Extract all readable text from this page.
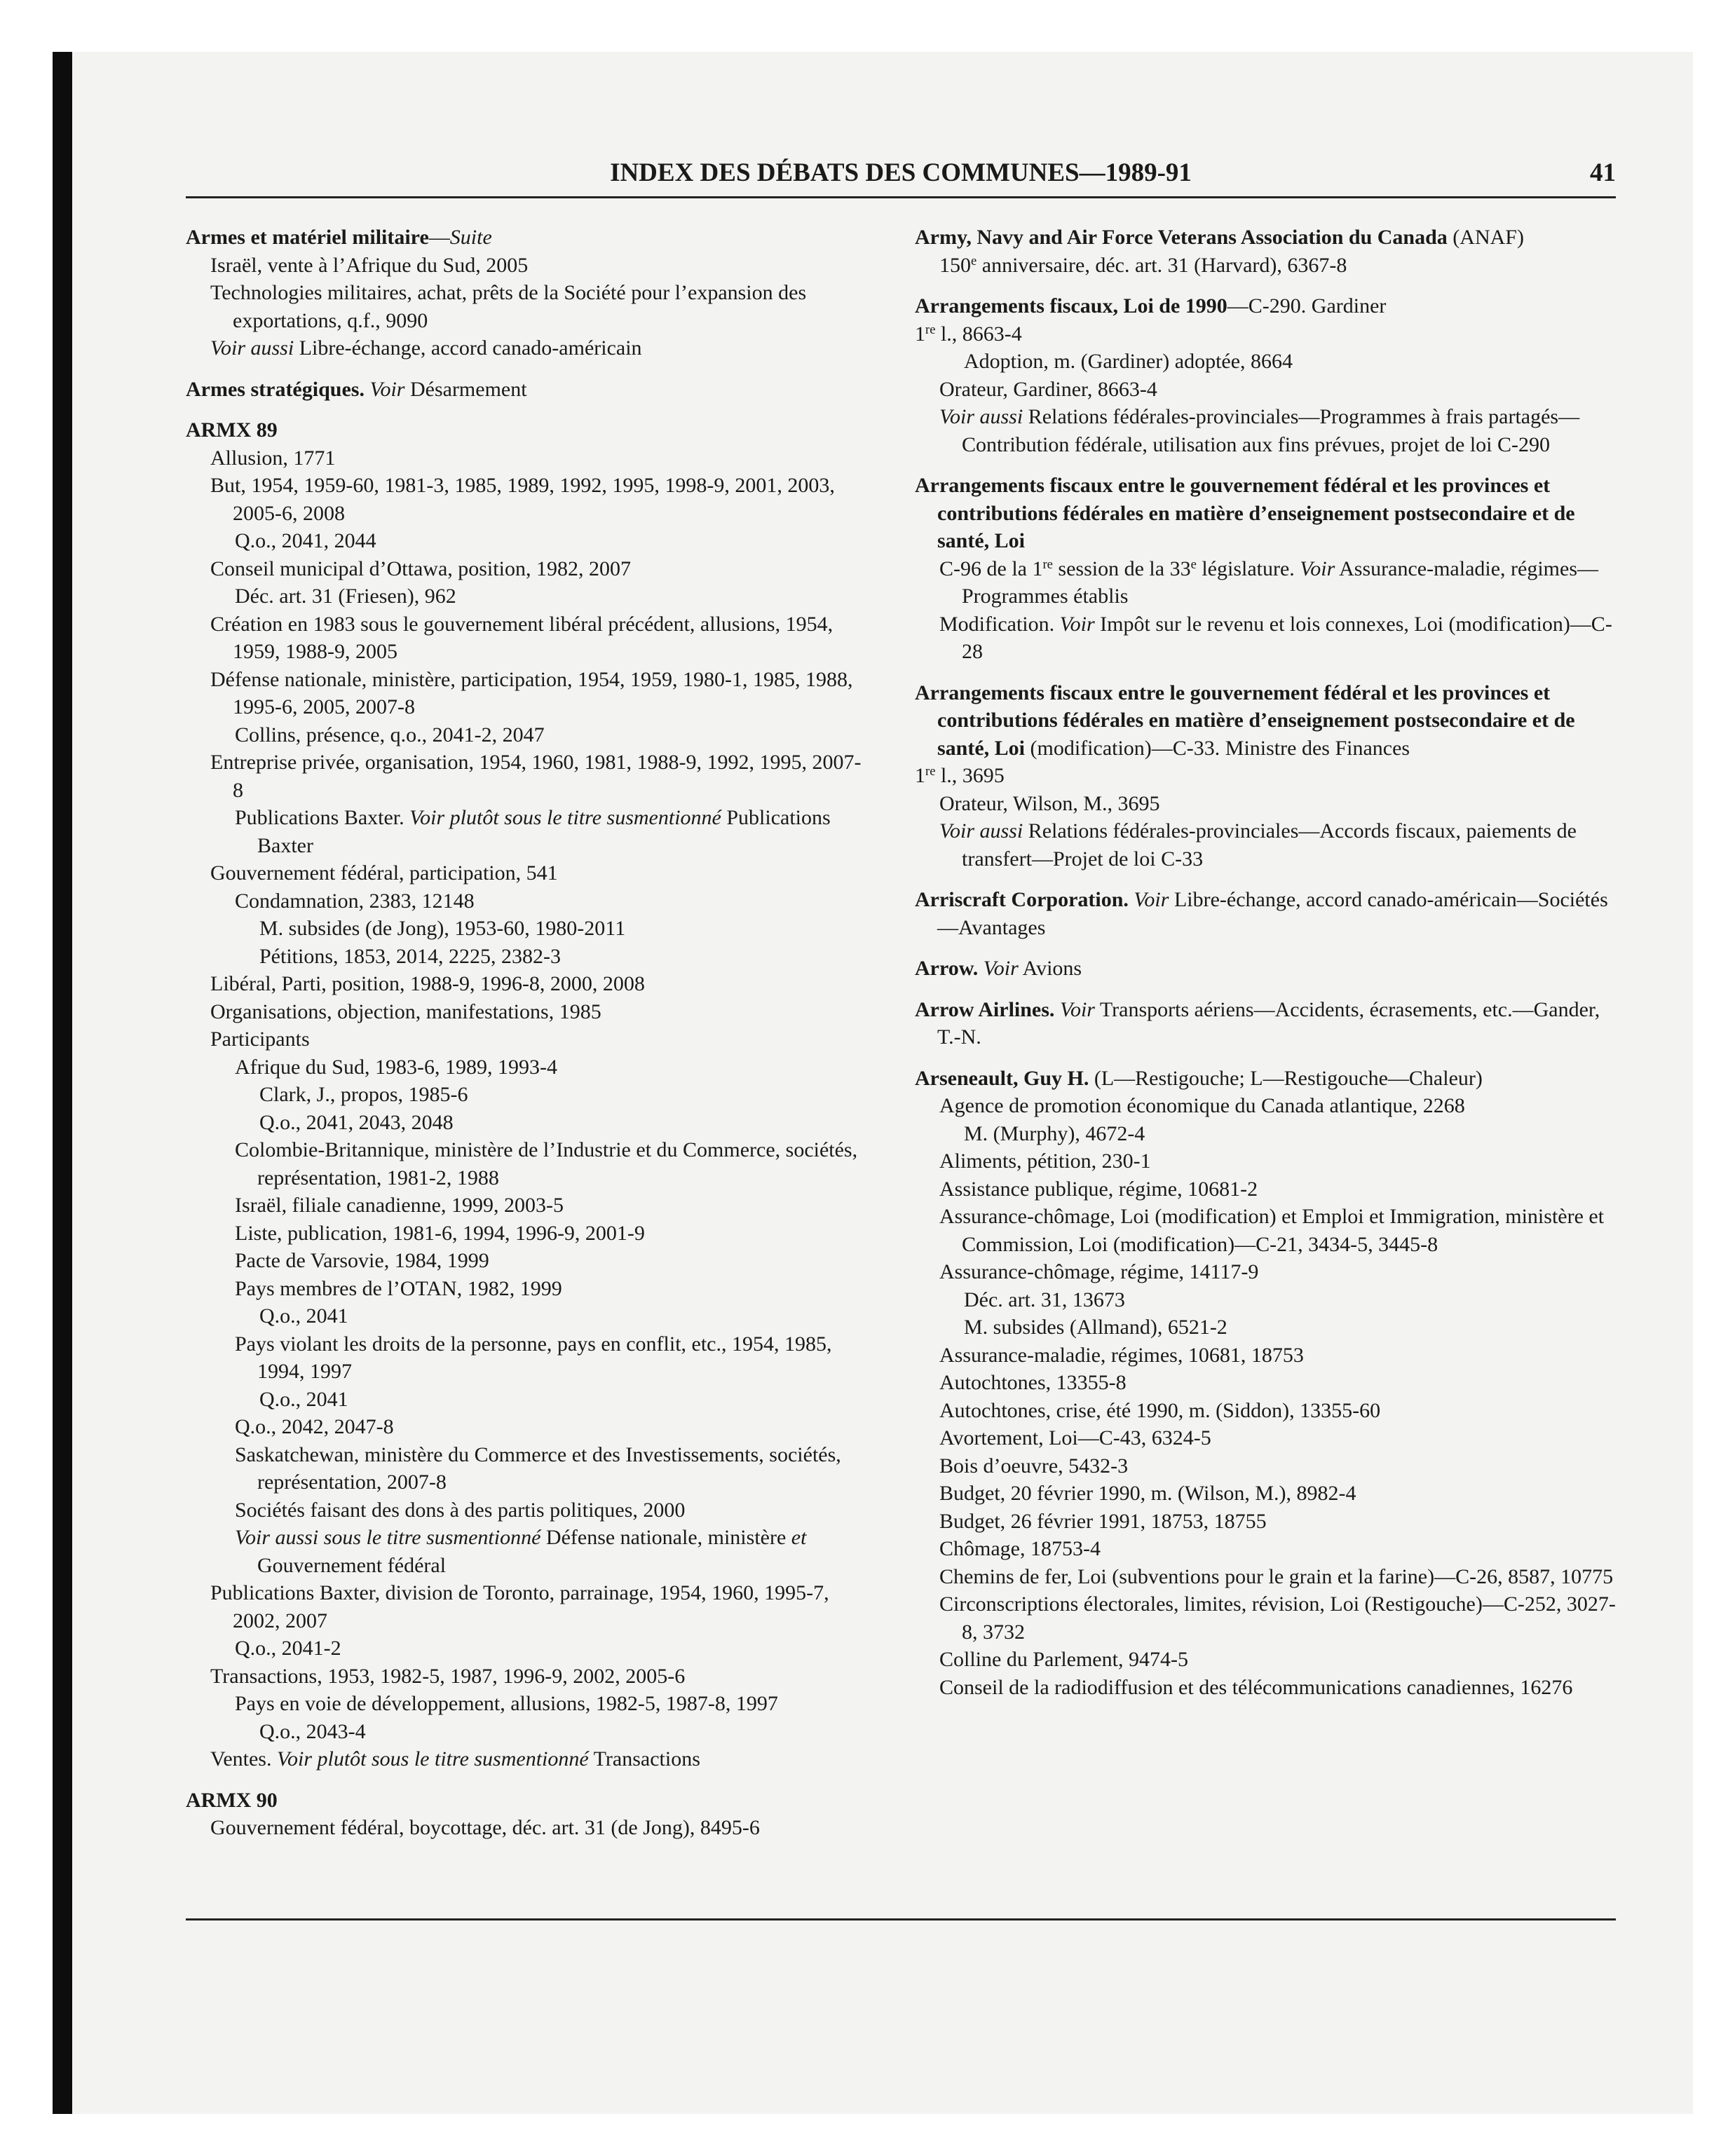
INDEX DES DÉBATS DES COMMUNES—1989-91	41

Armes et matériel militaire—Suite

Israël, vente à l’Afrique du Sud, 2005

Technologies militaires, achat, prêts de la Société pour l’expansion des exportations, q.f., 9090

Voir aussi Libre-échange, accord canado-américain

Armes stratégiques. Voir Désarmement

ARMX 89

Allusion, 1771

But, 1954, 1959-60, 1981-3, 1985, 1989, 1992, 1995, 1998-9, 2001, 2003, 2005-6, 2008

Q.o., 2041, 2044

Conseil municipal d’Ottawa, position, 1982, 2007

Déc. art. 31 (Friesen), 962

Création en 1983 sous le gouvernement libéral précédent, allusions, 1954, 1959, 1988-9, 2005

Défense nationale, ministère, participation, 1954, 1959, 1980-1, 1985, 1988, 1995-6, 2005, 2007-8

Collins, présence, q.o., 2041-2, 2047

Entreprise privée, organisation, 1954, 1960, 1981, 1988-9, 1992, 1995, 2007-8

Publications Baxter. Voir plutôt sous le titre susmentionné Publications Baxter

Gouvernement fédéral, participation, 541

Condamnation, 2383, 12148

M. subsides (de Jong), 1953-60, 1980-2011

Pétitions, 1853, 2014, 2225, 2382-3

Libéral, Parti, position, 1988-9, 1996-8, 2000, 2008

Organisations, objection, manifestations, 1985

Participants

Afrique du Sud, 1983-6, 1989, 1993-4

Clark, J., propos, 1985-6

Q.o., 2041, 2043, 2048

Colombie-Britannique, ministère de l’Industrie et du Commerce, sociétés, représentation, 1981-2, 1988

Israël, filiale canadienne, 1999, 2003-5

Liste, publication, 1981-6, 1994, 1996-9, 2001-9

Pacte de Varsovie, 1984, 1999

Pays membres de l’OTAN, 1982, 1999

Q.o., 2041

Pays violant les droits de la personne, pays en conflit, etc., 1954, 1985, 1994, 1997

Q.o., 2041

Q.o., 2042, 2047-8

Saskatchewan, ministère du Commerce et des Investissements, sociétés, représentation, 2007-8

Sociétés faisant des dons à des partis politiques, 2000

Voir aussi sous le titre susmentionné Défense nationale, ministère et Gouvernement fédéral

Publications Baxter, division de Toronto, parrainage, 1954, 1960, 1995-7, 2002, 2007

Q.o., 2041-2

Transactions, 1953, 1982-5, 1987, 1996-9, 2002, 2005-6

Pays en voie de développement, allusions, 1982-5, 1987-8, 1997

Q.o., 2043-4

Ventes. Voir plutôt sous le titre susmentionné Transactions

ARMX 90

Gouvernement fédéral, boycottage, déc. art. 31 (de Jong), 8495-6

Army, Navy and Air Force Veterans Association du Canada (ANAF)

150e anniversaire, déc. art. 31 (Harvard), 6367-8

Arrangements fiscaux, Loi de 1990—C-290. Gardiner

1re l., 8663-4

Adoption, m. (Gardiner) adoptée, 8664

Orateur, Gardiner, 8663-4

Voir aussi Relations fédérales-provinciales—Programmes à frais partagés—Contribution fédérale, utilisation aux fins prévues, projet de loi C-290

Arrangements fiscaux entre le gouvernement fédéral et les provinces et contributions fédérales en matière d’enseignement postsecondaire et de santé, Loi

C-96 de la 1re session de la 33e législature. Voir Assurance-maladie, régimes—Programmes établis

Modification. Voir Impôt sur le revenu et lois connexes, Loi (modification)—C-28

Arrangements fiscaux entre le gouvernement fédéral et les provinces et contributions fédérales en matière d’enseignement postsecondaire et de santé, Loi (modification)—C-33. Ministre des Finances

1re l., 3695

Orateur, Wilson, M., 3695

Voir aussi Relations fédérales-provinciales—Accords fiscaux, paiements de transfert—Projet de loi C-33

Arriscraft Corporation. Voir Libre-échange, accord canado-américain—Sociétés—Avantages

Arrow. Voir Avions

Arrow Airlines. Voir Transports aériens—Accidents, écrasements, etc.—Gander, T.-N.

Arseneault, Guy H. (L—Restigouche; L—Restigouche—Chaleur)

Agence de promotion économique du Canada atlantique, 2268

M. (Murphy), 4672-4

Aliments, pétition, 230-1

Assistance publique, régime, 10681-2

Assurance-chômage, Loi (modification) et Emploi et Immigration, ministère et Commission, Loi (modification)—C-21, 3434-5, 3445-8

Assurance-chômage, régime, 14117-9

Déc. art. 31, 13673

M. subsides (Allmand), 6521-2

Assurance-maladie, régimes, 10681, 18753

Autochtones, 13355-8

Autochtones, crise, été 1990, m. (Siddon), 13355-60

Avortement, Loi—C-43, 6324-5

Bois d’oeuvre, 5432-3

Budget, 20 février 1990, m. (Wilson, M.), 8982-4

Budget, 26 février 1991, 18753, 18755

Chômage, 18753-4

Chemins de fer, Loi (subventions pour le grain et la farine)—C-26, 8587, 10775

Circonscriptions électorales, limites, révision, Loi (Restigouche)—C-252, 3027-8, 3732

Colline du Parlement, 9474-5

Conseil de la radiodiffusion et des télécommunications canadiennes, 16276
